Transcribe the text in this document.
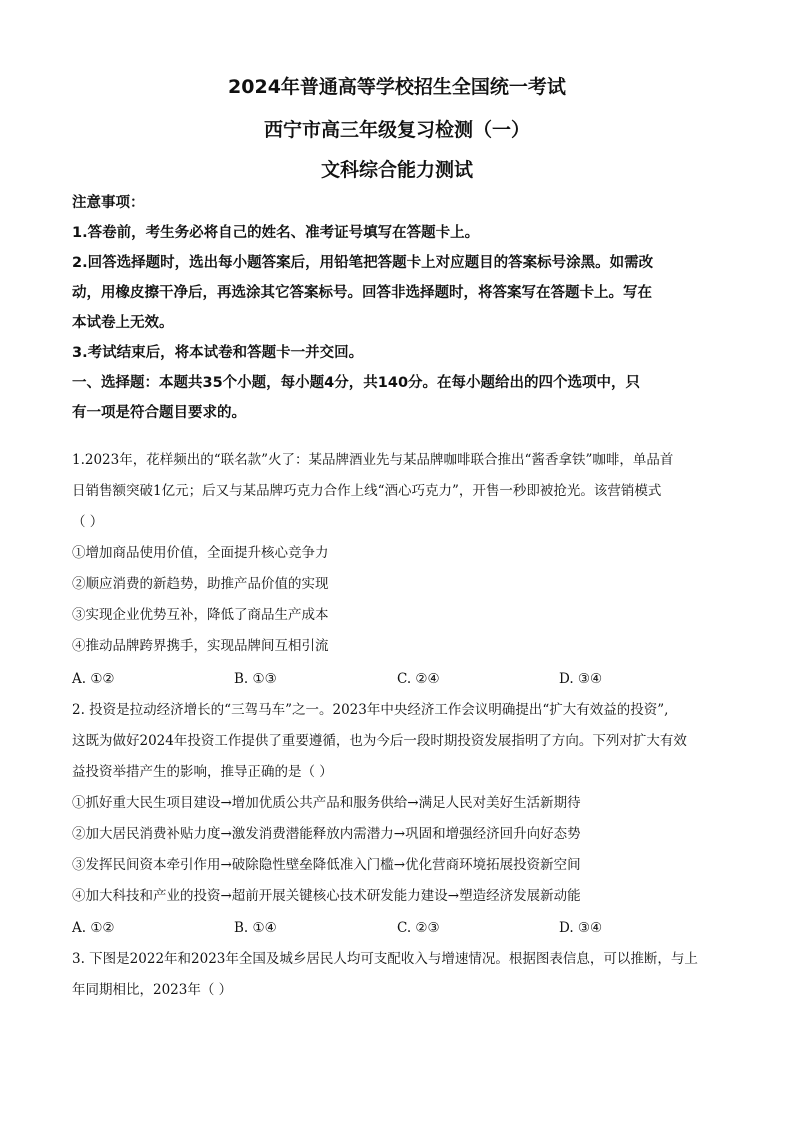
2024年普通高等学校招生全国统一考试
西宁市高三年级复习检测（一）
文科综合能力测试
注意事项：
1.答卷前，考生务必将自己的姓名、准考证号填写在答题卡上。
2.回答选择题时，选出每小题答案后，用铅笔把答题卡上对应题目的答案标号涂黑。如需改
动，用橡皮擦干净后，再选涂其它答案标号。回答非选择题时，将答案写在答题卡上。写在
本试卷上无效。
3.考试结束后，将本试卷和答题卡一并交回。
一、选择题：本题共35个小题，每小题4分，共140分。在每小题给出的四个选项中，只
有一项是符合题目要求的。
1.2023年，花样频出的“联名款”火了：某品牌酒业先与某品牌咖啡联合推出“酱香拿铁”咖啡，单品首
日销售额突破1亿元；后又与某品牌巧克力合作上线“酒心巧克力”，开售一秒即被抢光。该营销模式
（ ）
①增加商品使用价值，全面提升核心竞争力
②顺应消费的新趋势，助推产品价值的实现
③实现企业优势互补，降低了商品生产成本
④推动品牌跨界携手，实现品牌间互相引流
A. ①②	B. ①③	C. ②④	D. ③④
2. 投资是拉动经济增长的“三驾马车”之一。2023年中央经济工作会议明确提出“扩大有效益的投资”,
这既为做好2024年投资工作提供了重要遵循，也为今后一段时期投资发展指明了方向。下列对扩大有效
益投资举措产生的影响，推导正确的是（ ）
①抓好重大民生项目建设→增加优质公共产品和服务供给→满足人民对美好生活新期待
②加大居民消费补贴力度→激发消费潜能释放内需潜力→巩固和增强经济回升向好态势
③发挥民间资本牵引作用→破除隐性壁垒降低准入门槛→优化营商环境拓展投资新空间
④加大科技和产业的投资→超前开展关键核心技术研发能力建设→塑造经济发展新动能
A. ①②	B. ①④	C. ②③	D. ③④
3. 下图是2022年和2023年全国及城乡居民人均可支配收入与增速情况。根据图表信息，可以推断，与上
年同期相比，2023年（ ）
